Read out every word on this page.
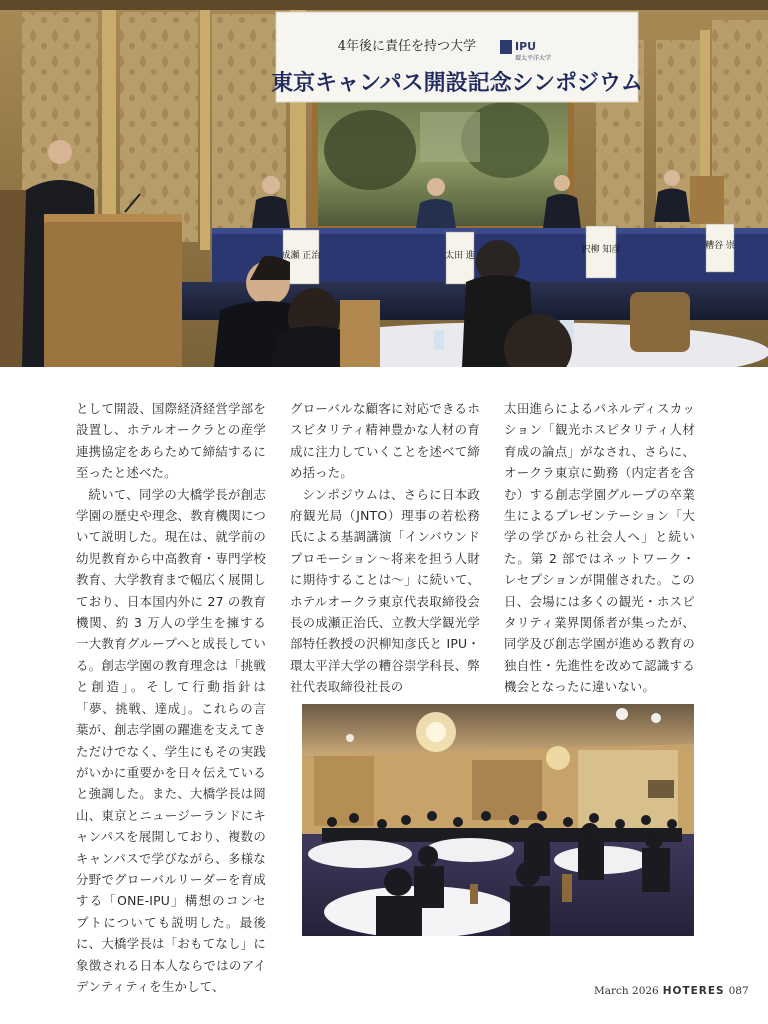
4年後に責任を持つ大学	IPU
環太平洋大学
東京キャンパス開設記念シンポジウム
成瀬 正治	太田 進
沢柳 知彦	糟谷 崇

として開設、国際経済経営学部を設置し、ホテルオークラとの産学連携協定をあらためて締結するに至ったと述べた。

続いて、同学の大橋学長が創志学園の歴史や理念、教育機関について説明した。現在は、就学前の幼児教育から中高教育・専門学校教育、大学教育まで幅広く展開しており、日本国内外に 27 の教育機関、約 3 万人の学生を擁する一大教育グループへと成長している。創志学園の教育理念は「挑戦と創造」。そして行動指針は「夢、挑戦、達成」。これらの言葉が、創志学園の躍進を支えてきただけでなく、学生にもその実践がいかに重要かを日々伝えていると強調した。また、大橋学長は岡山、東京とニュージーランドにキャンパスを展開しており、複数のキャンパスで学びながら、多様な分野でグローバルリーダーを育成する「ONE-IPU」構想のコンセプトについても説明した。最後に、大橋学長は「おもてなし」に象徴される日本人ならではのアイデンティティを生かして、

グローバルな顧客に対応できるホスピタリティ精神豊かな人材の育成に注力していくことを述べて締め括った。

シンポジウムは、さらに日本政府観光局（JNTO）理事の若松務氏による基調講演「インバウンドプロモーション～将来を担う人財に期待することは～」に続いて、ホテルオークラ東京代表取締役会長の成瀬正治氏、立教大学観光学部特任教授の沢柳知彦氏と IPU・環太平洋大学の糟谷崇学科長、弊社代表取締役社長の

太田進らによるパネルディスカッション「観光ホスピタリティ人材育成の論点」がなされ、さらに、オークラ東京に勤務（内定者を含む）する創志学園グループの卒業生によるプレゼンテーション「大学の学びから社会人へ」と続いた。第 2 部ではネットワーク・レセプションが開催された。この日、会場には多くの観光・ホスピタリティ業界関係者が集ったが、同学及び創志学園が進める教育の独自性・先進性を改めて認識する機会となったに違いない。

March 2026 HOTERES 087
